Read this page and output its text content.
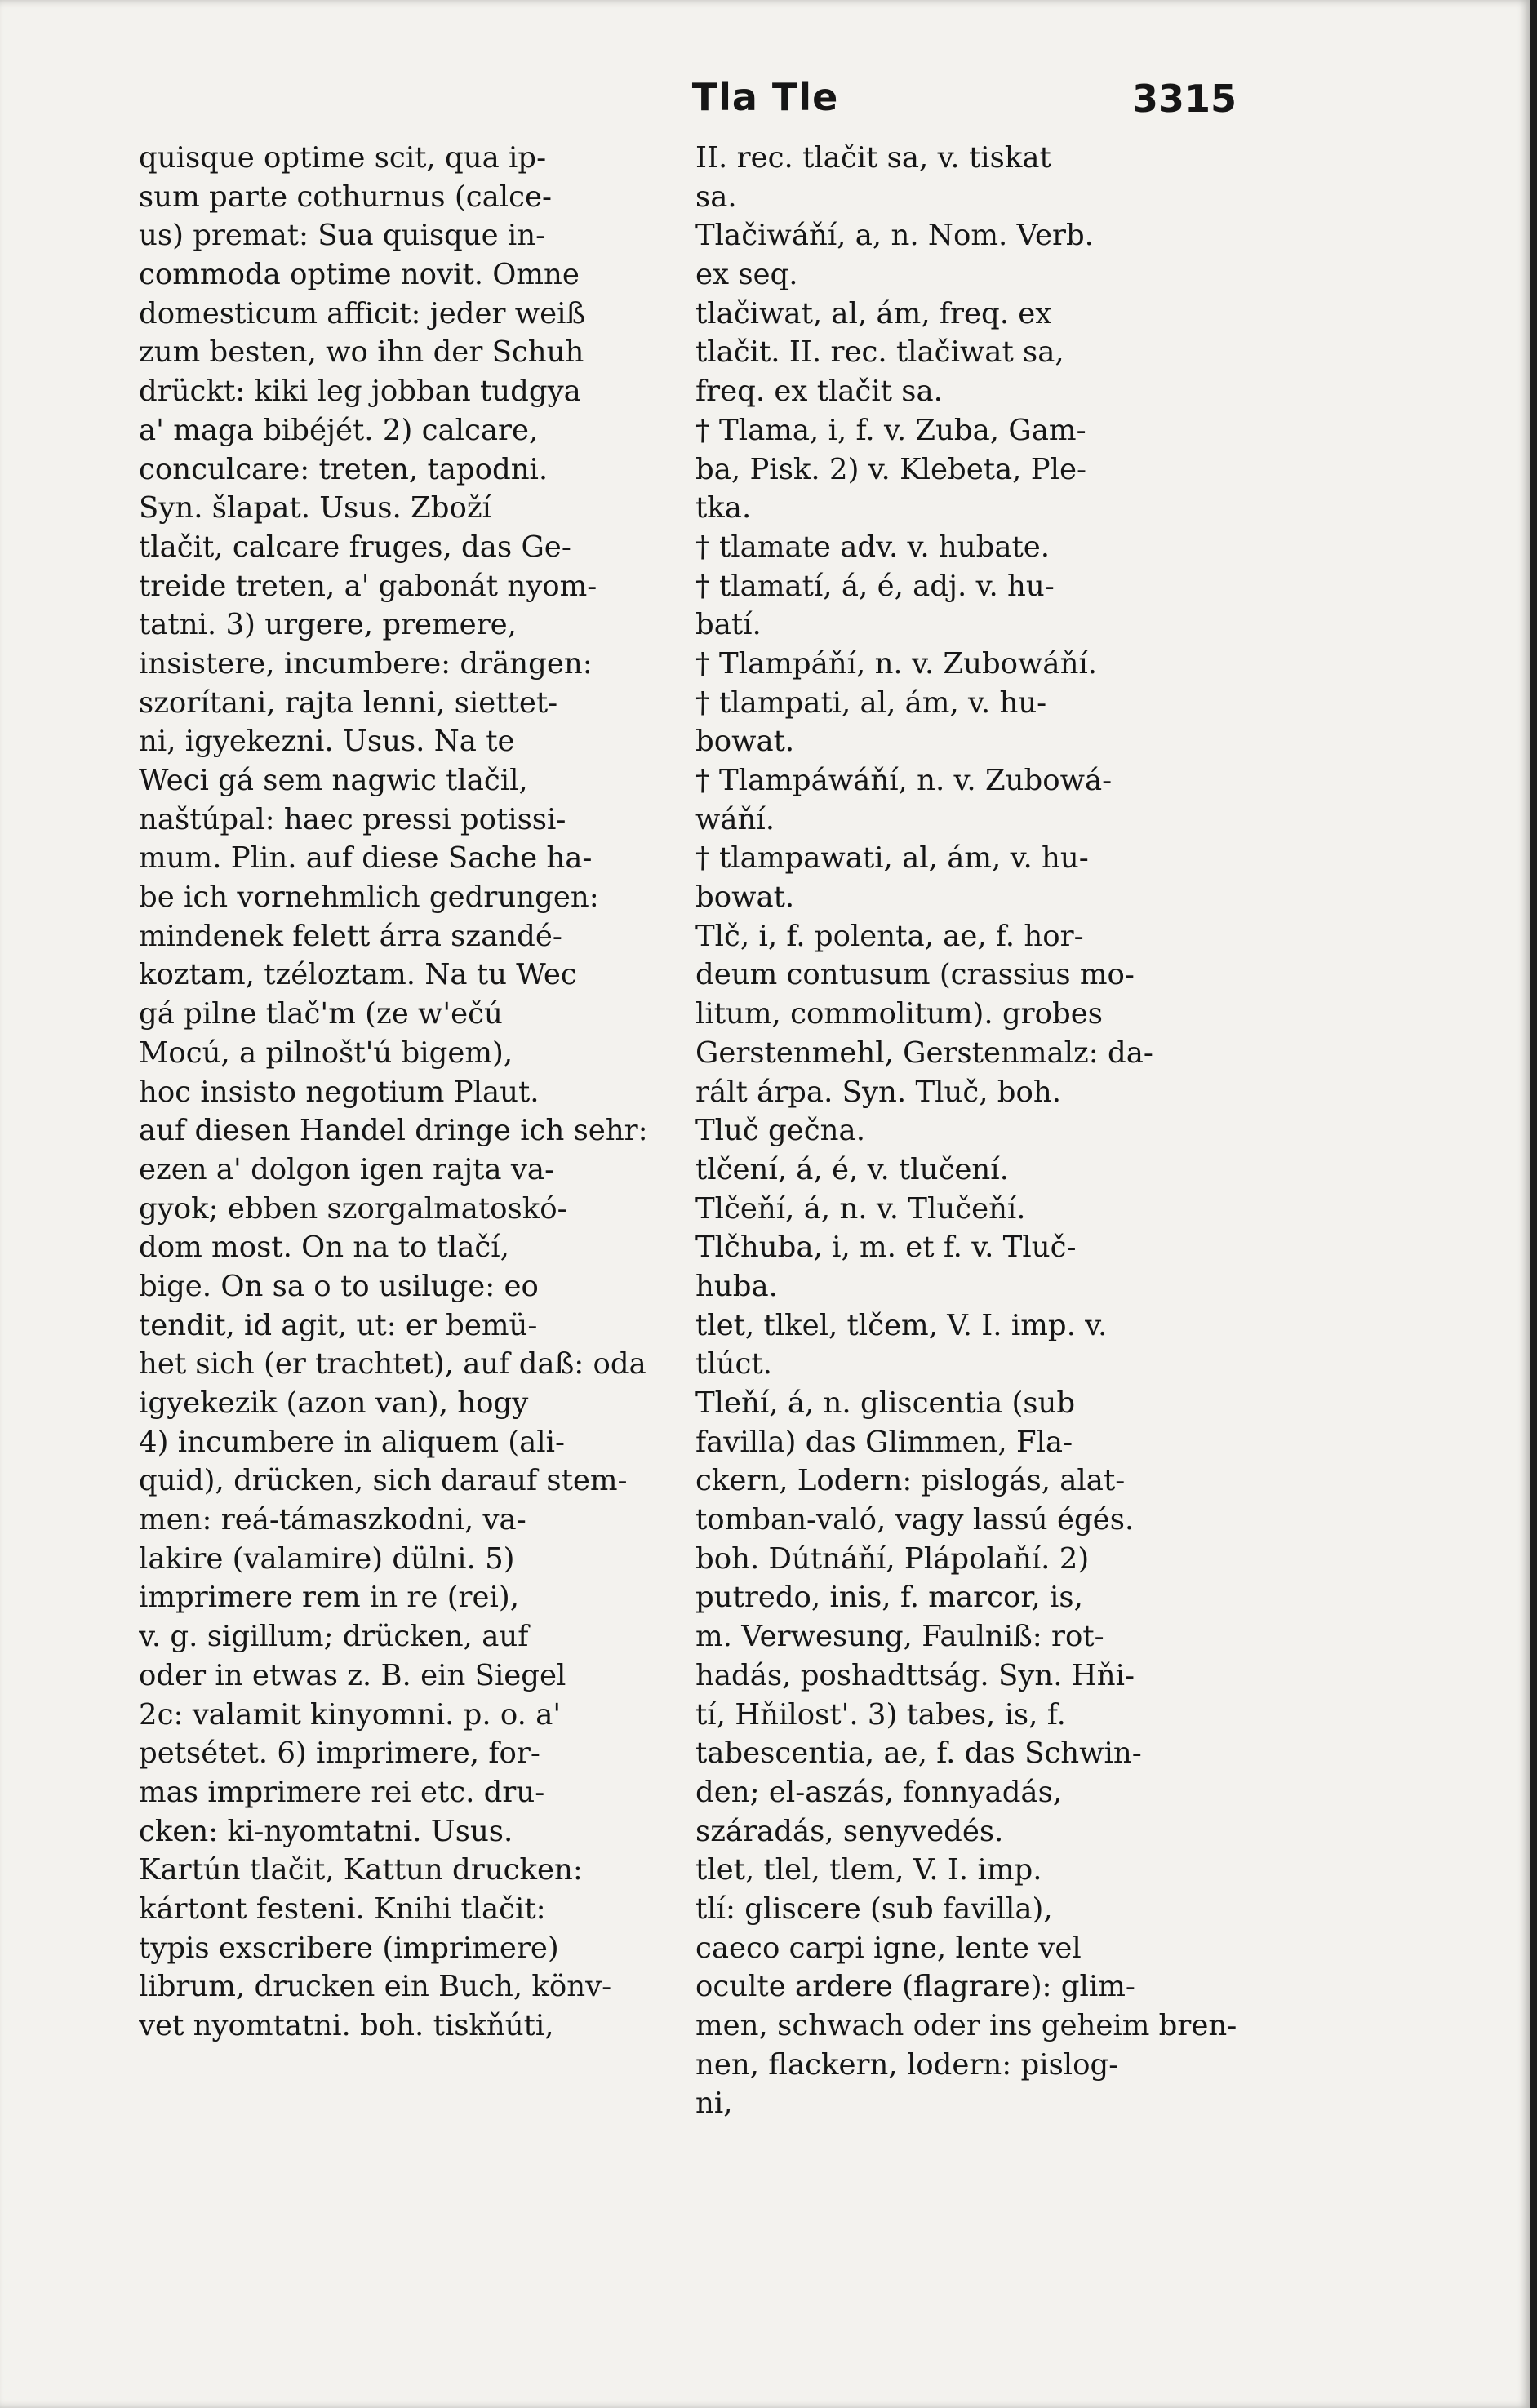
Tla Tle	3315
quisque optime scit, qua ip-
sum parte cothurnus (calce-
us) premat: Sua quisque in-
commoda optime novit. Omne
domesticum afficit: jeder weiß
zum besten, wo ihn der Schuh
drückt: kiki leg jobban tudgya
a' maga bibéjét. 2) calcare,
conculcare: treten, tapodni.
Syn. šlapat. Usus. Zboží
tlačit, calcare fruges, das Ge-
treide treten, a' gabonát nyom-
tatni. 3) urgere, premere,
insistere, incumbere: drängen:
szorítani, rajta lenni, siettet-
ni, igyekezni. Usus. Na te
Weci gá sem nagwic tlačil,
naštúpal: haec pressi potissi-
mum. Plin. auf diese Sache ha-
be ich vornehmlich gedrungen:
mindenek felett árra szandé-
koztam, tzéloztam. Na tu Wec
gá pilne tlač'm (ze w'ečú
Mocú, a pilnošt'ú bigem),
hoc insisto negotium Plaut.
auf diesen Handel dringe ich sehr:
ezen a' dolgon igen rajta va-
gyok; ebben szorgalmatoskó-
dom most. On na to tlačí,
bige. On sa o to usiluge: eo
tendit, id agit, ut: er bemü-
het sich (er trachtet), auf daß: oda
igyekezik (azon van), hogy
4) incumbere in aliquem (ali-
quid), drücken, sich darauf stem-
men: reá-támaszkodni, va-
lakire (valamire) dülni. 5)
imprimere rem in re (rei),
v. g. sigillum; drücken, auf
oder in etwas z. B. ein Siegel
2c: valamit kinyomni. p. o. a'
petsétet. 6) imprimere, for-
mas imprimere rei etc. dru-
cken: ki-nyomtatni. Usus.
Kartún tlačit, Kattun drucken:
kártont festeni. Knihi tlačit:
typis exscribere (imprimere)
librum, drucken ein Buch, könv-
vet nyomtatni. boh. tiskňúti,
II. rec. tlačit sa, v. tiskat
sa.
Tlačiwáňí, a, n. Nom. Verb.
ex seq.
tlačiwat, al, ám, freq. ex
tlačit. II. rec. tlačiwat sa,
freq. ex tlačit sa.
† Tlama, i, f. v. Zuba, Gam-
ba, Pisk. 2) v. Klebeta, Ple-
tka.
† tlamate adv. v. hubate.
† tlamatí, á, é, adj. v. hu-
batí.
† Tlampáňí, n. v. Zubowáňí.
† tlampati, al, ám, v. hu-
bowat.
† Tlampáwáňí, n. v. Zubowá-
wáňí.
† tlampawati, al, ám, v. hu-
bowat.
Tlč, i, f. polenta, ae, f. hor-
deum contusum (crassius mo-
litum, commolitum). grobes
Gerstenmehl, Gerstenmalz: da-
rált árpa. Syn. Tluč, boh.
Tluč gečna.
tlčení, á, é, v. tlučení.
Tlčeňí, á, n. v. Tlučeňí.
Tlčhuba, i, m. et f. v. Tluč-
huba.
tlet, tlkel, tlčem, V. I. imp. v.
tlúct.
Tleňí, á, n. gliscentia (sub
favilla) das Glimmen, Fla-
ckern, Lodern: pislogás, alat-
tomban-való, vagy lassú égés.
boh. Dútnáňí, Plápolaňí. 2)
putredo, inis, f. marcor, is,
m. Verwesung, Faulniß: rot-
hadás, poshadttság. Syn. Hňi-
tí, Hňilost'. 3) tabes, is, f.
tabescentia, ae, f. das Schwin-
den; el-aszás, fonnyadás,
száradás, senyvedés.
tlet, tlel, tlem, V. I. imp.
tlí: gliscere (sub favilla),
caeco carpi igne, lente vel
oculte ardere (flagrare): glim-
men, schwach oder ins geheim bren-
nen, flackern, lodern: pislog-
ni,
